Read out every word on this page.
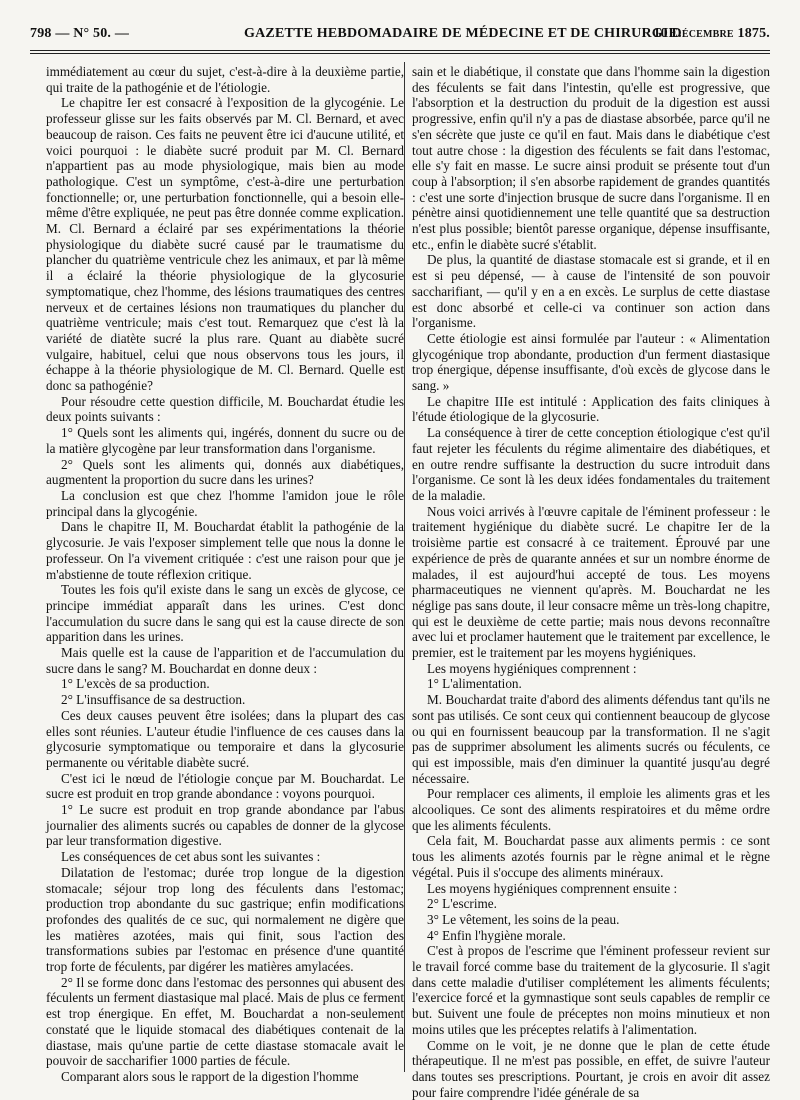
798 — N° 50. —	GAZETTE HEBDOMADAIRE DE MÉDECINE ET DE CHIRURGIE.
10 Décembre 1875.

immédiatement au cœur du sujet, c'est-à-dire à la deuxième partie, qui traite de la pathogénie et de l'étiologie.

Le chapitre Ier est consacré à l'exposition de la glycogénie. Le professeur glisse sur les faits observés par M. Cl. Bernard, et avec beaucoup de raison. Ces faits ne peuvent être ici d'aucune utilité, et voici pourquoi : le diabète sucré produit par M. Cl. Bernard n'appartient pas au mode physiologique, mais bien au mode pathologique. C'est un symptôme, c'est-à-dire une perturbation fonctionnelle; or, une perturbation fonctionnelle, qui a besoin elle-même d'être expliquée, ne peut pas être donnée comme explication. M. Cl. Bernard a éclairé par ses expérimentations la théorie physiologique du diabète sucré causé par le traumatisme du plancher du quatrième ventricule chez les animaux, et par là même il a éclairé la théorie physiologique de la glycosurie symptomatique, chez l'homme, des lésions traumatiques des centres nerveux et de certaines lésions non traumatiques du plancher du quatrième ventricule; mais c'est tout. Remarquez que c'est là la variété de diatète sucré la plus rare. Quant au diabète sucré vulgaire, habituel, celui que nous observons tous les jours, il échappe à la théorie physiologique de M. Cl. Bernard. Quelle est donc sa pathogénie?

Pour résoudre cette question difficile, M. Bouchardat étudie les deux points suivants :

1° Quels sont les aliments qui, ingérés, donnent du sucre ou de la matière glycogène par leur transformation dans l'organisme.

2° Quels sont les aliments qui, donnés aux diabétiques, augmentent la proportion du sucre dans les urines?

La conclusion est que chez l'homme l'amidon joue le rôle principal dans la glycogénie.

Dans le chapitre II, M. Bouchardat établit la pathogénie de la glycosurie. Je vais l'exposer simplement telle que nous la donne le professeur. On l'a vivement critiquée : c'est une raison pour que je m'abstienne de toute réflexion critique.

Toutes les fois qu'il existe dans le sang un excès de glycose, ce principe immédiat apparaît dans les urines. C'est donc l'accumulation du sucre dans le sang qui est la cause directe de son apparition dans les urines.

Mais quelle est la cause de l'apparition et de l'accumulation du sucre dans le sang? M. Bouchardat en donne deux :

1° L'excès de sa production.

2° L'insuffisance de sa destruction.

Ces deux causes peuvent être isolées; dans la plupart des cas elles sont réunies. L'auteur étudie l'influence de ces causes dans la glycosurie symptomatique ou temporaire et dans la glycosurie permanente ou véritable diabète sucré.

C'est ici le nœud de l'étiologie conçue par M. Bouchardat. Le sucre est produit en trop grande abondance : voyons pourquoi.

1° Le sucre est produit en trop grande abondance par l'abus journalier des aliments sucrés ou capables de donner de la glycose par leur transformation digestive.

Les conséquences de cet abus sont les suivantes :

Dilatation de l'estomac; durée trop longue de la digestion stomacale; séjour trop long des féculents dans l'estomac; production trop abondante du suc gastrique; enfin modifications profondes des qualités de ce suc, qui normalement ne digère que les matières azotées, mais qui finit, sous l'action des transformations subies par l'estomac en présence d'une quantité trop forte de féculents, par digérer les matières amylacées.

2° Il se forme donc dans l'estomac des personnes qui abusent des féculents un ferment diastasique mal placé. Mais de plus ce ferment est trop énergique. En effet, M. Bouchardat a non-seulement constaté que le liquide stomacal des diabétiques contenait de la diastase, mais qu'une partie de cette diastase stomacale avait le pouvoir de saccharifier 1000 parties de fécule.

Comparant alors sous le rapport de la digestion l'homme

sain et le diabétique, il constate que dans l'homme sain la digestion des féculents se fait dans l'intestin, qu'elle est progressive, que l'absorption et la destruction du produit de la digestion est aussi progressive, enfin qu'il n'y a pas de diastase absorbée, parce qu'il ne s'en sécrète que juste ce qu'il en faut. Mais dans le diabétique c'est tout autre chose : la digestion des féculents se fait dans l'estomac, elle s'y fait en masse. Le sucre ainsi produit se présente tout d'un coup à l'absorption; il s'en absorbe rapidement de grandes quantités : c'est une sorte d'injection brusque de sucre dans l'organisme. Il en pénètre ainsi quotidiennement une telle quantité que sa destruction n'est plus possible; bientôt paresse organique, dépense insuffisante, etc., enfin le diabète sucré s'établit.

De plus, la quantité de diastase stomacale est si grande, et il en est si peu dépensé, — à cause de l'intensité de son pouvoir saccharifiant, — qu'il y en a en excès. Le surplus de cette diastase est donc absorbé et celle-ci va continuer son action dans l'organisme.

Cette étiologie est ainsi formulée par l'auteur : « Alimentation glycogénique trop abondante, production d'un ferment diastasique trop énergique, dépense insuffisante, d'où excès de glycose dans le sang. »

Le chapitre IIIe est intitulé : Application des faits cliniques à l'étude étiologique de la glycosurie.

La conséquence à tirer de cette conception étiologique c'est qu'il faut rejeter les féculents du régime alimentaire des diabétiques, et en outre rendre suffisante la destruction du sucre introduit dans l'organisme. Ce sont là les deux idées fondamentales du traitement de la maladie.

Nous voici arrivés à l'œuvre capitale de l'éminent professeur : le traitement hygiénique du diabète sucré. Le chapitre Ier de la troisième partie est consacré à ce traitement. Éprouvé par une expérience de près de quarante années et sur un nombre énorme de malades, il est aujourd'hui accepté de tous. Les moyens pharmaceutiques ne viennent qu'après. M. Bouchardat ne les néglige pas sans doute, il leur consacre même un très-long chapitre, qui est le deuxième de cette partie; mais nous devons reconnaître avec lui et proclamer hautement que le traitement par excellence, le premier, est le traitement par les moyens hygiéniques.

Les moyens hygiéniques comprennent :

1° L'alimentation.

M. Bouchardat traite d'abord des aliments défendus tant qu'ils ne sont pas utilisés. Ce sont ceux qui contiennent beaucoup de glycose ou qui en fournissent beaucoup par la transformation. Il ne s'agit pas de supprimer absolument les aliments sucrés ou féculents, ce qui est impossible, mais d'en diminuer la quantité jusqu'au degré nécessaire.

Pour remplacer ces aliments, il emploie les aliments gras et les alcooliques. Ce sont des aliments respiratoires et du même ordre que les aliments féculents.

Cela fait, M. Bouchardat passe aux aliments permis : ce sont tous les aliments azotés fournis par le règne animal et le règne végétal. Puis il s'occupe des aliments minéraux.

Les moyens hygiéniques comprennent ensuite :

2° L'escrime.

3° Le vêtement, les soins de la peau.

4° Enfin l'hygiène morale.

C'est à propos de l'escrime que l'éminent professeur revient sur le travail forcé comme base du traitement de la glycosurie. Il s'agit dans cette maladie d'utiliser complétement les aliments féculents; l'exercice forcé et la gymnastique sont seuls capables de remplir ce but. Suivent une foule de préceptes non moins minutieux et non moins utiles que les préceptes relatifs à l'alimentation.

Comme on le voit, je ne donne que le plan de cette étude thérapeutique. Il ne m'est pas possible, en effet, de suivre l'auteur dans toutes ses prescriptions. Pourtant, je crois en avoir dit assez pour faire comprendre l'idée générale de sa
